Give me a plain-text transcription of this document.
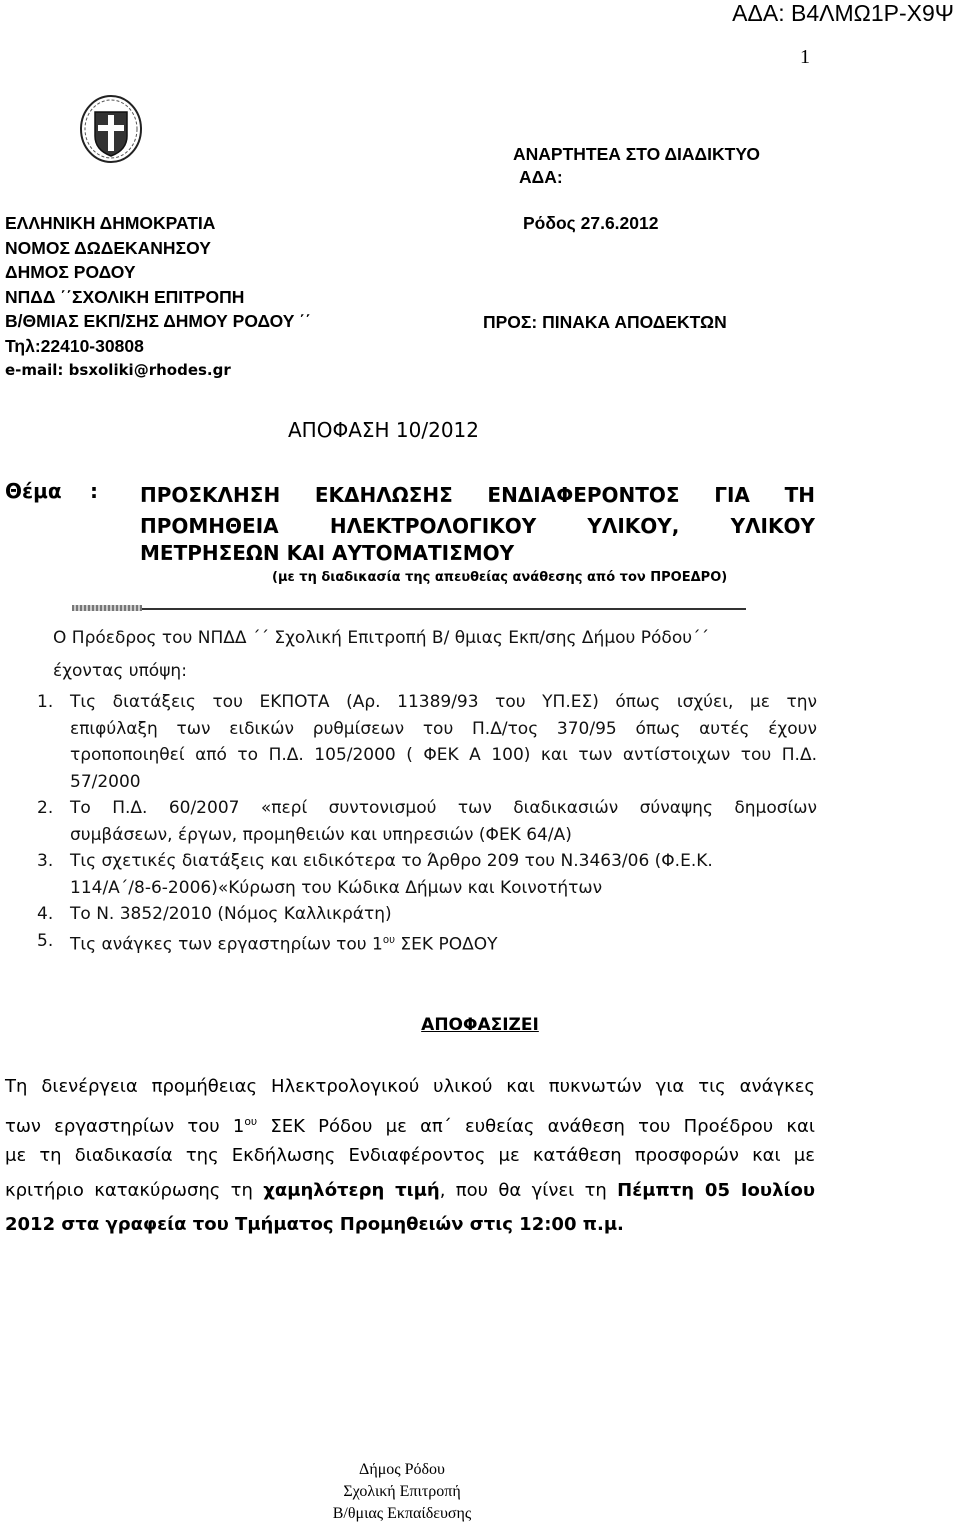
ΑΔΑ: Β4ΛΜΩ1Ρ-Χ9Ψ
1
ΕΛΛΗΝΙΚΗ ΔΗΜΟΚΡΑΤΙΑ
ΝΟΜΟΣ ΔΩΔΕΚΑΝΗΣΟΥ
ΔΗΜΟΣ ΡΟΔΟΥ
ΝΠΔΔ ΄΄ΣΧΟΛΙΚΗ ΕΠΙΤΡΟΠΗ
Β/ΘΜΙΑΣ ΕΚΠ/ΣΗΣ ΔΗΜΟΥ ΡΟΔΟΥ ΄΄
Τηλ:22410-30808
e-mail: bsxoliki@rhodes.gr
ΑΝΑΡΤΗΤΕΑ ΣΤΟ ΔΙΑΔΙΚΤΥΟ
ΑΔΑ:
Ρόδος 27.6.2012
ΠΡΟΣ: ΠΙΝΑΚΑ ΑΠΟΔΕΚΤΩΝ
ΑΠΟΦΑΣΗ 10/2012
Θέμα : ΠΡΟΣΚΛΗΣΗ ΕΚΔΗΛΩΣΗΣ ΕΝΔΙΑΦΕΡΟΝΤΟΣ ΓΙΑ ΤΗ
ΠΡΟΜΗΘΕΙΑ	ΗΛΕΚΤΡΟΛΟΓΙΚΟΥ	ΥΛΙΚΟΥ,	ΥΛΙΚΟΥ
ΜΕΤΡΗΣΕΩΝ ΚΑΙ ΑΥΤΟΜΑΤΙΣΜΟΥ
(με τη διαδικασία της απευθείας ανάθεσης από τον ΠΡΟΕΔΡΟ)
Ο Πρόεδρος του ΝΠΔΔ ΄΄ Σχολική Επιτροπή Β/ θμιας Εκπ/σης Δήμου Ρόδου΄΄
έχοντας υπόψη:
1. Τις διατάξεις του ΕΚΠΟΤΑ (Αρ. 11389/93 του ΥΠ.ΕΣ) όπως ισχύει, με την
επιφύλαξη των ειδικών ρυθμίσεων του Π.Δ/τος 370/95 όπως αυτές έχουν
τροποποιηθεί από το Π.Δ. 105/2000 ( ΦΕΚ Α 100) και των αντίστοιχων του Π.Δ.
57/2000
2. Το Π.Δ. 60/2007 «περί συντονισμού των διαδικασιών σύναψης δημοσίων
συμβάσεων, έργων, προμηθειών και υπηρεσιών (ΦΕΚ 64/Α)
3. Τις σχετικές διατάξεις και ειδικότερα το Άρθρο 209 του Ν.3463/06 (Φ.Ε.Κ.
114/Α΄/8-6-2006)«Κύρωση του Κώδικα Δήμων και Κοινοτήτων
4. Το Ν. 3852/2010 (Νόμος Καλλικράτη)
5. Τις ανάγκες των εργαστηρίων του $1^{o\upsilon}$ ΣΕΚ ΡΟΔΟΥ
ΑΠΟΦΑΣΙΖΕΙ
Τη διενέργεια προμήθειας Ηλεκτρολογικού υλικού και πυκνωτών για τις ανάγκες
των εργαστηρίων του $1^{o\upsilon}$ ΣΕΚ Ρόδου με απ΄ ευθείας ανάθεση του Προέδρου και
με τη διαδικασία της Εκδήλωσης Ενδιαφέροντος με κατάθεση προσφορών και με
κριτήριο κατακύρωσης τη χαμηλότερη τιμή, που θα γίνει τη Πέμπτη 05 Ιουλίου
2012 στα γραφεία του Τμήματος Προμηθειών στις 12:00 π.μ.
Δήμος Ρόδου
Σχολική Επιτροπή
Β/θμιας Εκπαίδευσης
